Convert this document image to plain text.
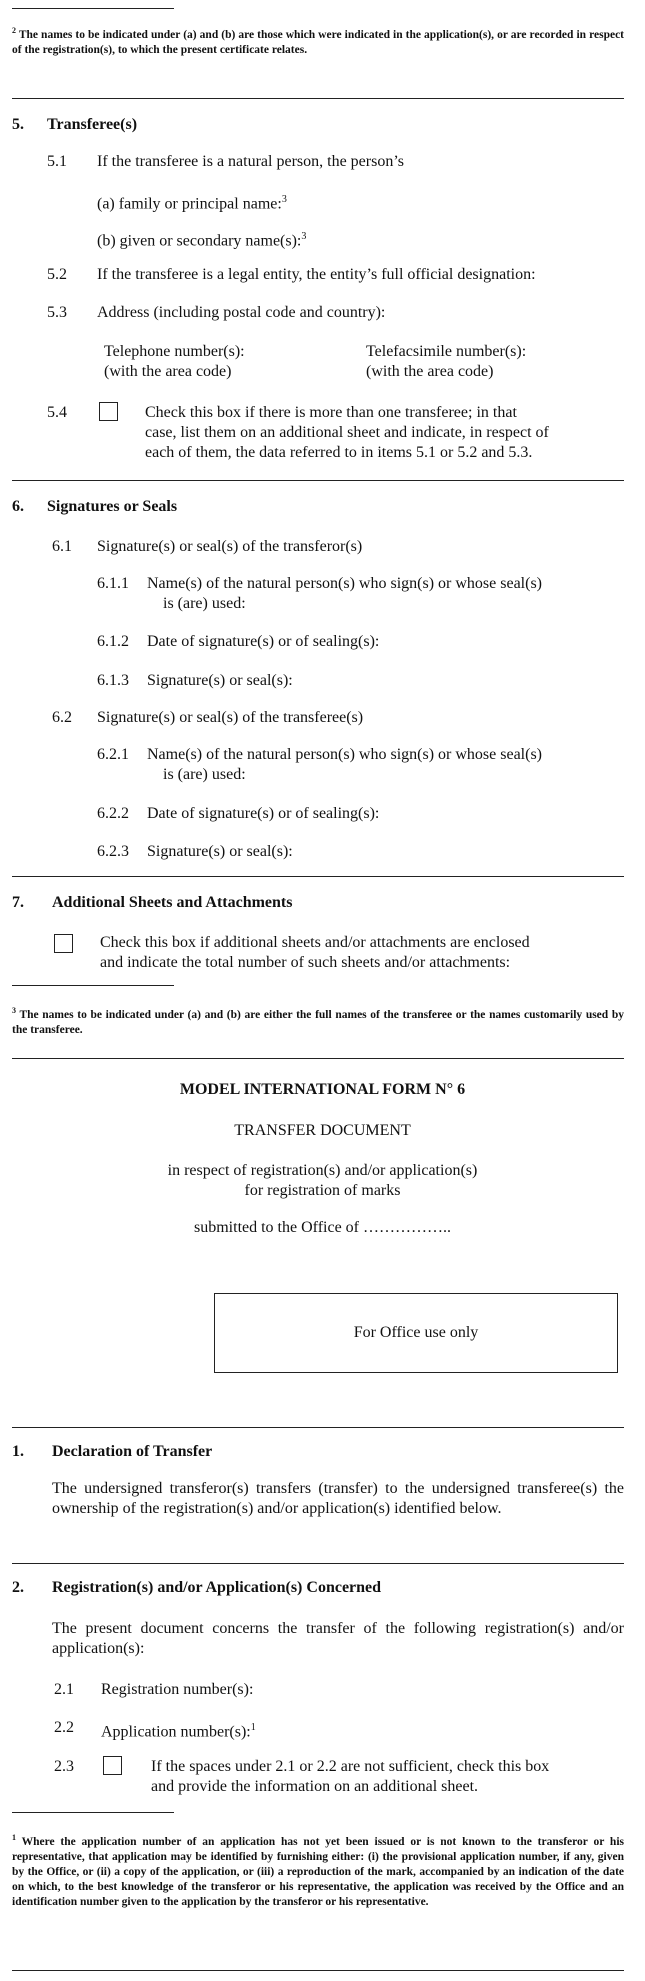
$^2$ The names to be indicated under (a) and (b) are those which were indicated in the application(s), or are recorded in respect of the registration(s), to which the present certificate relates.
5. Transferee(s)
5.1 If the transferee is a natural person, the person’s
(a) family or principal name:$^3$
(b) given or secondary name(s):$^3$
5.2 If the transferee is a legal entity, the entity’s full official designation:
5.3 Address (including postal code and country):
Telephone number(s):
(with the area code)
Telefacsimile number(s):
(with the area code)
5.4	Check this box if there is more than one transferee; in that
case, list them on an additional sheet and indicate, in respect of
each of them, the data referred to in items 5.1 or 5.2 and 5.3.
6. Signatures or Seals
6.1 Signature(s) or seal(s) of the transferor(s)
6.1.1 Name(s) of the natural person(s) who sign(s) or whose seal(s)
is (are) used:
6.1.2 Date of signature(s) or of sealing(s):
6.1.3 Signature(s) or seal(s):
6.2 Signature(s) or seal(s) of the transferee(s)
6.2.1 Name(s) of the natural person(s) who sign(s) or whose seal(s)
is (are) used:
6.2.2 Date of signature(s) or of sealing(s):
6.2.3 Signature(s) or seal(s):
7. Additional Sheets and Attachments
Check this box if additional sheets and/or attachments are enclosed
and indicate the total number of such sheets and/or attachments:
$^3$ The names to be indicated under (a) and (b) are either the full names of the transferee or the names customarily used by the transferee.
MODEL INTERNATIONAL FORM N° 6
TRANSFER DOCUMENT
in respect of registration(s) and/or application(s)
for registration of marks
submitted to the Office of ……………..
For Office use only
1. Declaration of Transfer
The undersigned transferor(s) transfers (transfer) to the undersigned transferee(s) the ownership of the registration(s) and/or application(s) identified below.
2. Registration(s) and/or Application(s) Concerned
The present document concerns the transfer of the following registration(s) and/or application(s):
2.1 Registration number(s):
2.2 Application number(s):$^1$
2.3	If the spaces under 2.1 or 2.2 are not sufficient, check this box
and provide the information on an additional sheet.
$^1$ Where the application number of an application has not yet been issued or is not known to the transferor or his representative, that application may be identified by furnishing either: (i) the provisional application number, if any, given by the Office, or (ii) a copy of the application, or (iii) a reproduction of the mark, accompanied by an indication of the date on which, to the best knowledge of the transferor or his representative, the application was received by the Office and an identification number given to the application by the transferor or his representative.
